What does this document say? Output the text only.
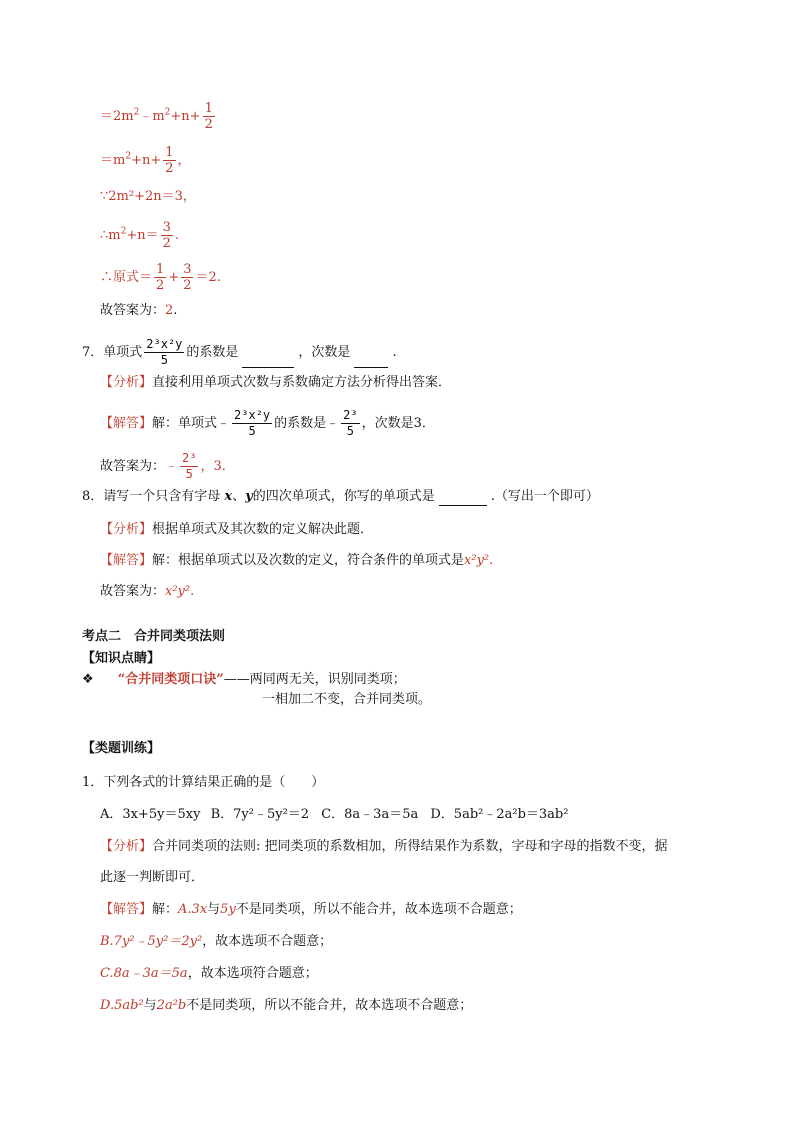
$=2m^2﹣m^2+n+ \frac{1}{2}$
$=m^2+n+ \frac{1}{2}$ ，
∵2m²+2n＝3，
$\therefore m^2+n= \frac{3}{2}$ .
∴原式＝ $\frac{1}{2} + \frac{3}{2} =2$.
故答案为：2.
7．单项式 $\frac{\text{2³x²y}}{5}$ 的系数是	，次数是	.
【分析】直接利用单项式次数与系数确定方法分析得出答案．
【解答】解：单项式﹣ $\frac{\text{2³x²y}}{5}$ 的系数是﹣ $\frac{\text{2³}}{5}$ ，次数是3．
故答案为：﹣ $\frac{\text{2³}}{5}$ ，3．
8．请写一个只含有字母 x、y的四次单项式，你写的单项式是	.（写出一个即可）
【分析】根据单项式及其次数的定义解决此题．
【解答】解：根据单项式以及次数的定义，符合条件的单项式是x²y².
故答案为：x²y².
考点二　合并同类项法则
【知识点睛】
❖ “合并同类项口诀”——两同两无关，识别同类项；
一相加二不变，合并同类项。
【类题训练】
1．下列各式的计算结果正确的是（　　）
A．3x+5y＝5xy B．7y²﹣5y²＝2 C．8a﹣3a＝5a D．5ab²﹣2a²b＝3ab²
【分析】合并同类项的法则: 把同类项的系数相加，所得结果作为系数，字母和字母的指数不变，据
此逐一判断即可．
【解答】解：A.3x与5y不是同类项，所以不能合并，故本选项不合题意；
B.7y²﹣5y²＝2y²，故本选项不合题意；
C.8a﹣3a＝5a，故本选项符合题意；
D.5ab²与2a²b不是同类项，所以不能合并，故本选项不合题意；
